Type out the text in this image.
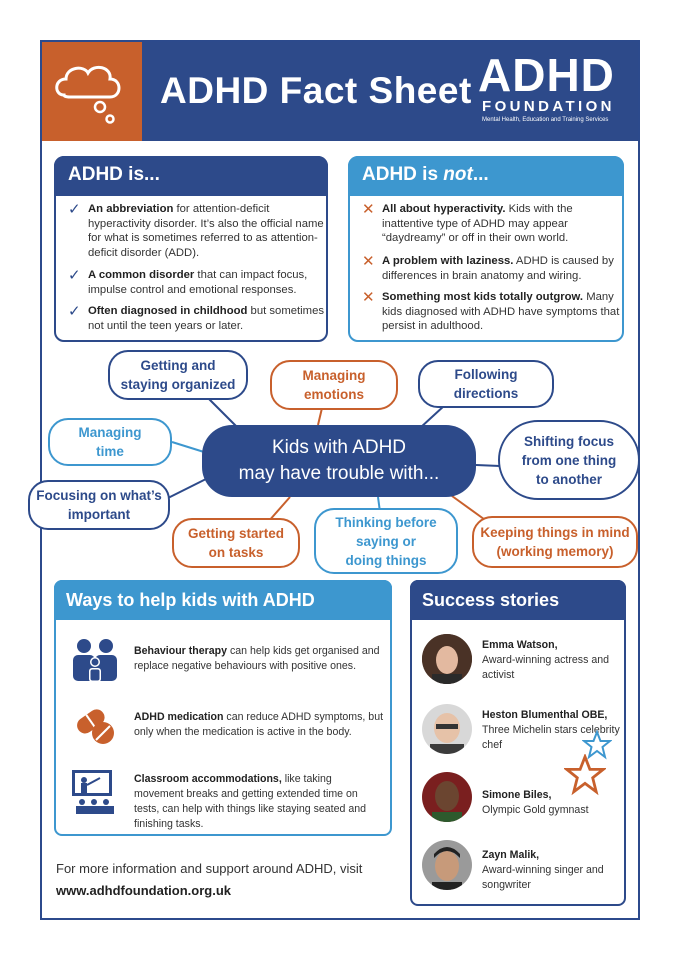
ADHD Fact Sheet ADHD
FOUNDATION
Mental Health, Education and Training Services
ADHD is...
✓ An abbreviation for attention-deficit hyperactivity disorder. It’s also the official name for what is sometimes referred to as attention-deficit disorder (ADD).
✓ A common disorder that can impact focus, impulse control and emotional responses.
✓ Often diagnosed in childhood but sometimes not until the teen years or later.
ADHD is not...
✕ All about hyperactivity. Kids with the inattentive type of ADHD may appear “daydreamy” or off in their own world.
✕ A problem with laziness. ADHD is caused by differences in brain anatomy and wiring.
✕ Something most kids totally outgrow. Many kids diagnosed with ADHD have symptoms that persist in adulthood.
Kids with ADHD
may have trouble with...
Getting and
staying organized
Managing
emotions
Following
directions
Managing
time
Shifting focus
from one thing
to another
Focusing on what’s
important
Getting started
on tasks
Thinking before
saying or
doing things
Keeping things in mind
(working memory)
Ways to help kids with ADHD
Behaviour therapy can help kids get organised and replace negative behaviours with positive ones.
ADHD medication can reduce ADHD symptoms, but only when the medication is active in the body.
Classroom accommodations, like taking movement breaks and getting extended time on tests, can help with things like staying seated and finishing tasks.
Success stories
Emma Watson,
Award-winning actress and activist
Heston Blumenthal OBE,
Three Michelin stars celebrity chef
Simone Biles,
Olympic Gold gymnast
Zayn Malik,
Award-winning singer and songwriter
For more information and support around ADHD, visit
www.adhdfoundation.org.uk
